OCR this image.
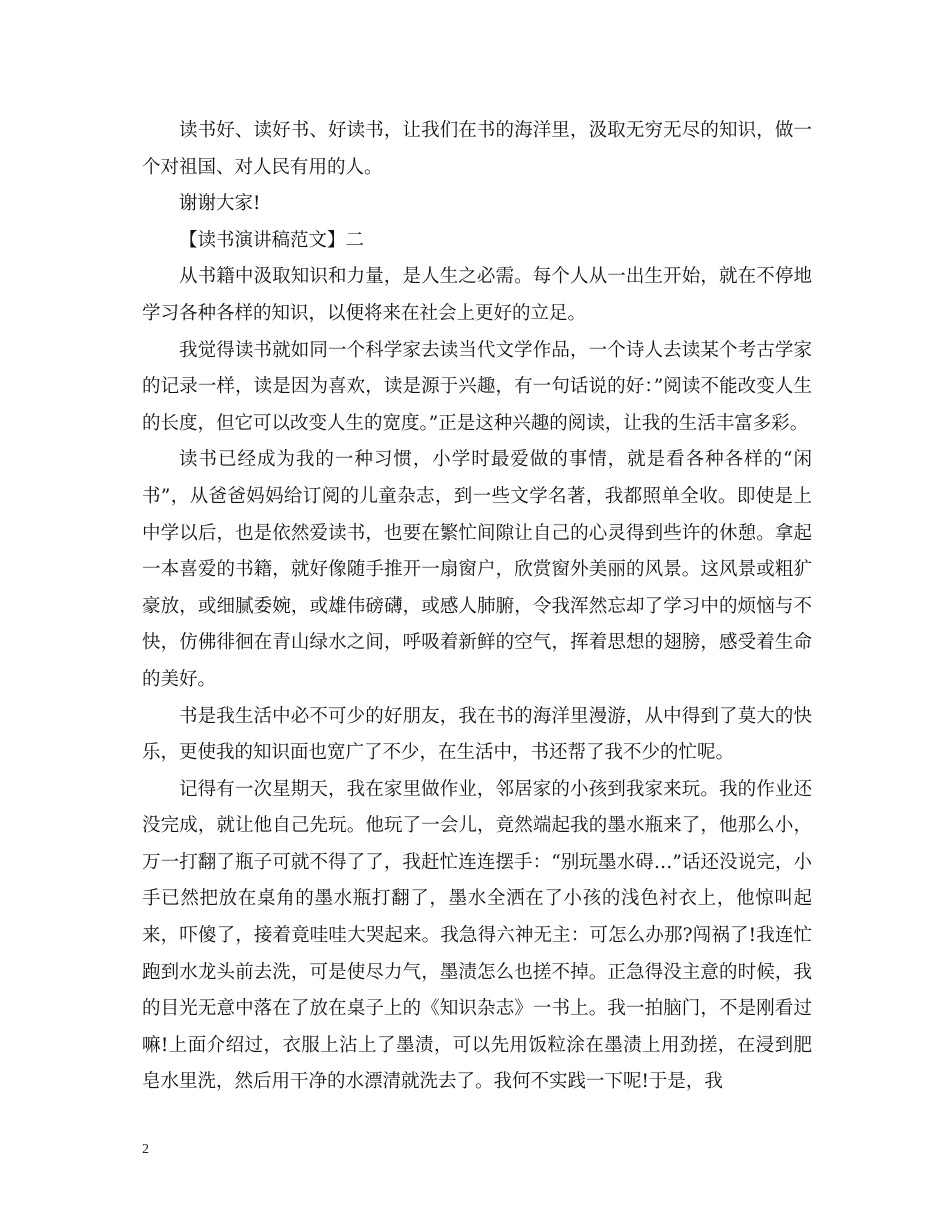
读书好、读好书、好读书，让我们在书的海洋里，汲取无穷无尽的知识，做一个对祖国、对人民有用的人。

谢谢大家!

【读书演讲稿范文】二

从书籍中汲取知识和力量，是人生之必需。每个人从一出生开始，就在不停地学习各种各样的知识，以便将来在社会上更好的立足。

我觉得读书就如同一个科学家去读当代文学作品，一个诗人去读某个考古学家的记录一样，读是因为喜欢，读是源于兴趣，有一句话说的好：”阅读不能改变人生的长度，但它可以改变人生的宽度。”正是这种兴趣的阅读，让我的生活丰富多彩。

读书已经成为我的一种习惯，小学时最爱做的事情，就是看各种各样的“闲书”，从爸爸妈妈给订阅的儿童杂志，到一些文学名著，我都照单全收。即使是上中学以后，也是依然爱读书，也要在繁忙间隙让自己的心灵得到些许的休憩。拿起一本喜爱的书籍，就好像随手推开一扇窗户，欣赏窗外美丽的风景。这风景或粗犷豪放，或细腻委婉，或雄伟磅礴，或感人肺腑，令我浑然忘却了学习中的烦恼与不快，仿佛徘徊在青山绿水之间，呼吸着新鲜的空气，挥着思想的翅膀，感受着生命的美好。

书是我生活中必不可少的好朋友，我在书的海洋里漫游，从中得到了莫大的快乐，更使我的知识面也宽广了不少，在生活中，书还帮了我不少的忙呢。

记得有一次星期天，我在家里做作业，邻居家的小孩到我家来玩。我的作业还没完成，就让他自己先玩。他玩了一会儿，竟然端起我的墨水瓶来了，他那么小，万一打翻了瓶子可就不得了了，我赶忙连连摆手：“别玩墨水碍…”话还没说完，小手已然把放在桌角的墨水瓶打翻了，墨水全洒在了小孩的浅色衬衣上，他惊叫起来，吓傻了，接着竟哇哇大哭起来。我急得六神无主：可怎么办那?闯祸了!我连忙跑到水龙头前去洗，可是使尽力气，墨渍怎么也搓不掉。正急得没主意的时候，我的目光无意中落在了放在桌子上的《知识杂志》一书上。我一拍脑门，不是刚看过嘛!上面介绍过，衣服上沾上了墨渍，可以先用饭粒涂在墨渍上用劲搓，在浸到肥皂水里洗，然后用干净的水漂清就洗去了。我何不实践一下呢!于是，我

2
